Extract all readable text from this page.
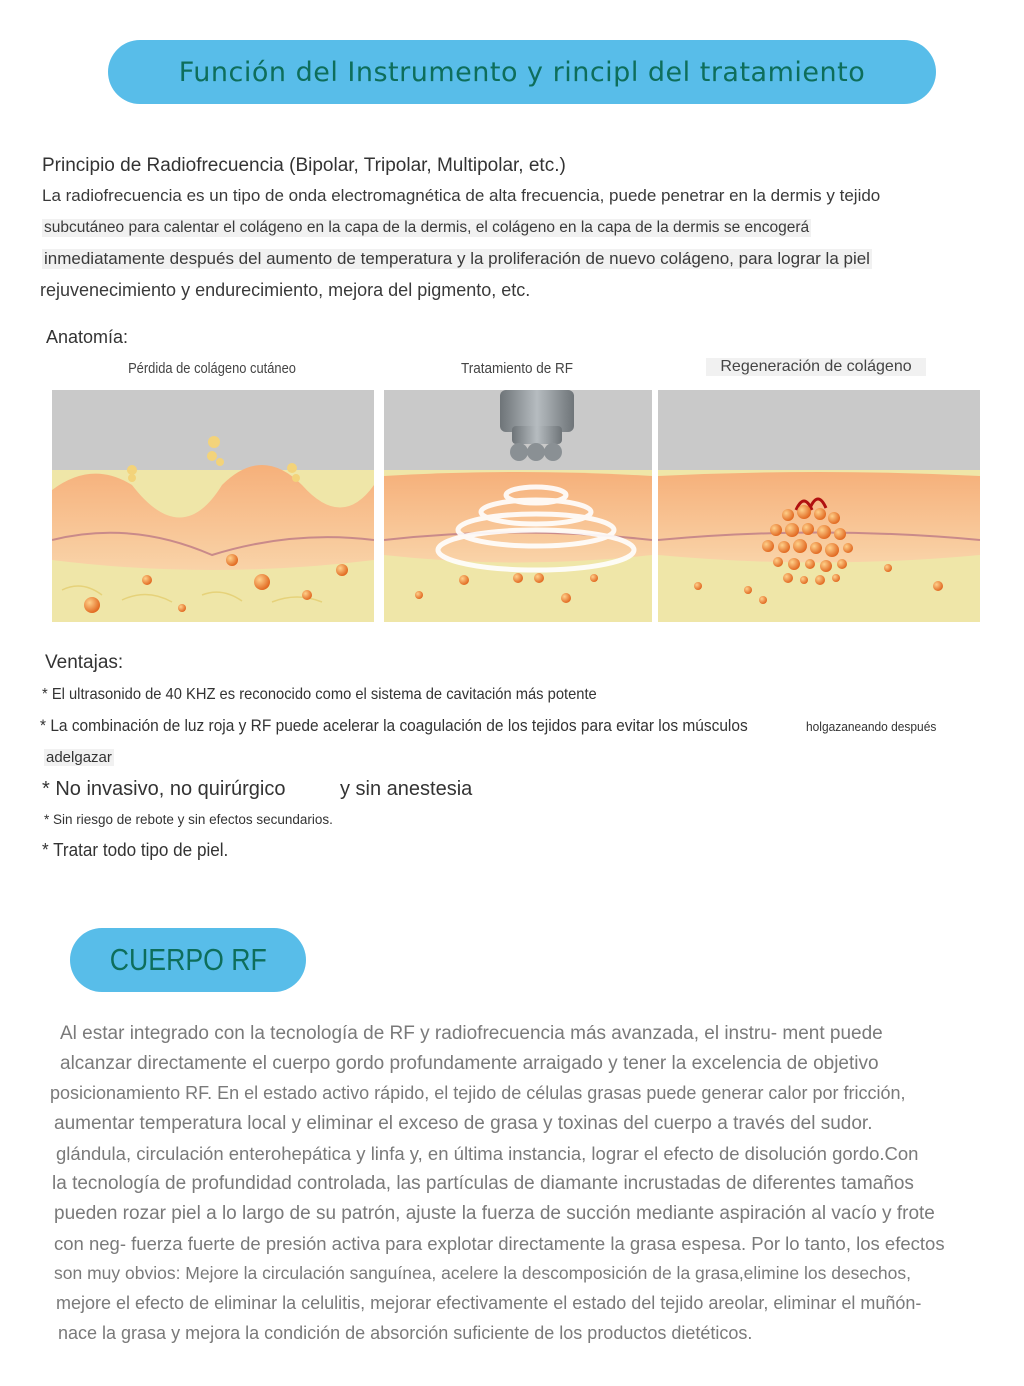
Función del Instrumento y rincipl del tratamiento
Principio de Radiofrecuencia (Bipolar, Tripolar, Multipolar, etc.)

La radiofrecuencia es un tipo de onda electromagnética de alta frecuencia, puede penetrar en la dermis y tejido

subcutáneo para calentar el colágeno en la capa de la dermis, el colágeno en la capa de la dermis se encogerá

inmediatamente después del aumento de temperatura y la proliferación de nuevo colágeno, para lograr la piel

rejuvenecimiento y endurecimiento, mejora del pigmento, etc.

Anatomía:
Pérdida de colágeno cutáneo	Tratamiento de RF	Regeneración de colágeno
Ventajas:
* El ultrasonido de 40 KHZ es reconocido como el sistema de cavitación más potente
* La combinación de luz roja y RF puede acelerar la coagulación de los tejidos para evitar los músculos	holgazaneando después
adelgazar
* No invasivo, no quirúrgico	y sin anestesia
* Sin riesgo de rebote y sin efectos secundarios.
* Tratar todo tipo de piel.
CUERPO RF

Al estar integrado con la tecnología de RF y radiofrecuencia más avanzada, el instru- ment puede

alcanzar directamente el cuerpo gordo profundamente arraigado y tener la excelencia de objetivo

posicionamiento RF. En el estado activo rápido, el tejido de células grasas puede generar calor por fricción,

aumentar temperatura local y eliminar el exceso de grasa y toxinas del cuerpo a través del sudor.

glándula, circulación enterohepática y linfa y, en última instancia, lograr el efecto de disolución gordo.Con

la tecnología de profundidad controlada, las partículas de diamante incrustadas de diferentes tamaños

pueden rozar piel a lo largo de su patrón, ajuste la fuerza de succión mediante aspiración al vacío y frote

con neg- fuerza fuerte de presión activa para explotar directamente la grasa espesa. Por lo tanto, los efectos

son muy obvios: Mejore la circulación sanguínea, acelere la descomposición de la grasa,elimine los desechos,

mejore el efecto de eliminar la celulitis, mejorar efectivamente el estado del tejido areolar, eliminar el muñón-

nace la grasa y mejora la condición de absorción suficiente de los productos dietéticos.
